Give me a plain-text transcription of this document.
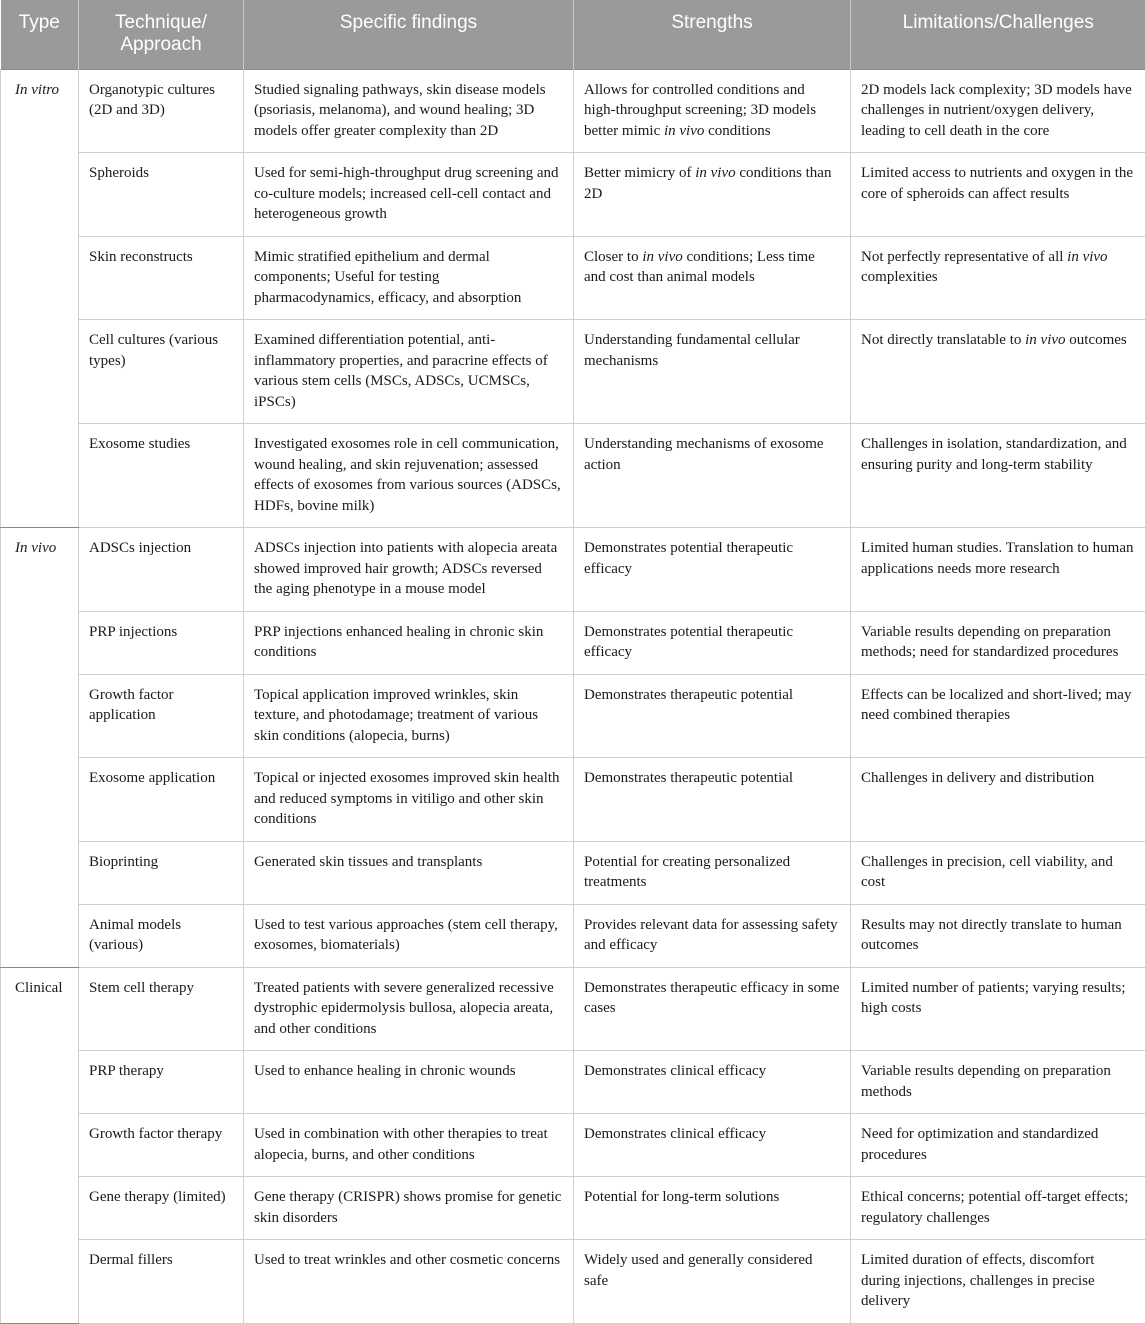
Type	Technique/ Approach	Specific findings	Strengths	Limitations/Challenges
In vitro	Organotypic cultures (2D and 3D)	Studied signaling pathways, skin disease models (psoriasis, melanoma), and wound healing; 3D models offer greater complexity than 2D	Allows for controlled conditions and high-throughput screening; 3D models better mimic in vivo conditions	2D models lack complexity; 3D models have challenges in nutrient/oxygen delivery, leading to cell death in the core
	Spheroids	Used for semi-high-throughput drug screening and co-culture models; increased cell-cell contact and heterogeneous growth	Better mimicry of in vivo conditions than 2D	Limited access to nutrients and oxygen in the core of spheroids can affect results
	Skin reconstructs	Mimic stratified epithelium and dermal components; Useful for testing pharmacodynamics, efficacy, and absorption	Closer to in vivo conditions; Less time and cost than animal models	Not perfectly representative of all in vivo complexities
	Cell cultures (various types)	Examined differentiation potential, anti-inflammatory properties, and paracrine effects of various stem cells (MSCs, ADSCs, UCMSCs, iPSCs)	Understanding fundamental cellular mechanisms	Not directly translatable to in vivo outcomes
	Exosome studies	Investigated exosomes role in cell communication, wound healing, and skin rejuvenation; assessed effects of exosomes from various sources (ADSCs, HDFs, bovine milk)	Understanding mechanisms of exosome action	Challenges in isolation, standardization, and ensuring purity and long-term stability
In vivo	ADSCs injection	ADSCs injection into patients with alopecia areata showed improved hair growth; ADSCs reversed the aging phenotype in a mouse model	Demonstrates potential therapeutic efficacy	Limited human studies. Translation to human applications needs more research
	PRP injections	PRP injections enhanced healing in chronic skin conditions	Demonstrates potential therapeutic efficacy	Variable results depending on preparation methods; need for standardized procedures
	Growth factor application	Topical application improved wrinkles, skin texture, and photodamage; treatment of various skin conditions (alopecia, burns)	Demonstrates therapeutic potential	Effects can be localized and short-lived; may need combined therapies
	Exosome application	Topical or injected exosomes improved skin health and reduced symptoms in vitiligo and other skin conditions	Demonstrates therapeutic potential	Challenges in delivery and distribution
	Bioprinting	Generated skin tissues and transplants	Potential for creating personalized treatments	Challenges in precision, cell viability, and cost
	Animal models (various)	Used to test various approaches (stem cell therapy, exosomes, biomaterials)	Provides relevant data for assessing safety and efficacy	Results may not directly translate to human outcomes
Clinical	Stem cell therapy	Treated patients with severe generalized recessive dystrophic epidermolysis bullosa, alopecia areata, and other conditions	Demonstrates therapeutic efficacy in some cases	Limited number of patients; varying results; high costs
	PRP therapy	Used to enhance healing in chronic wounds	Demonstrates clinical efficacy	Variable results depending on preparation methods
	Growth factor therapy	Used in combination with other therapies to treat alopecia, burns, and other conditions	Demonstrates clinical efficacy	Need for optimization and standardized procedures
	Gene therapy (limited)	Gene therapy (CRISPR) shows promise for genetic skin disorders	Potential for long-term solutions	Ethical concerns; potential off-target effects; regulatory challenges
	Dermal fillers	Used to treat wrinkles and other cosmetic concerns	Widely used and generally considered safe	Limited duration of effects, discomfort during injections, challenges in precise delivery
